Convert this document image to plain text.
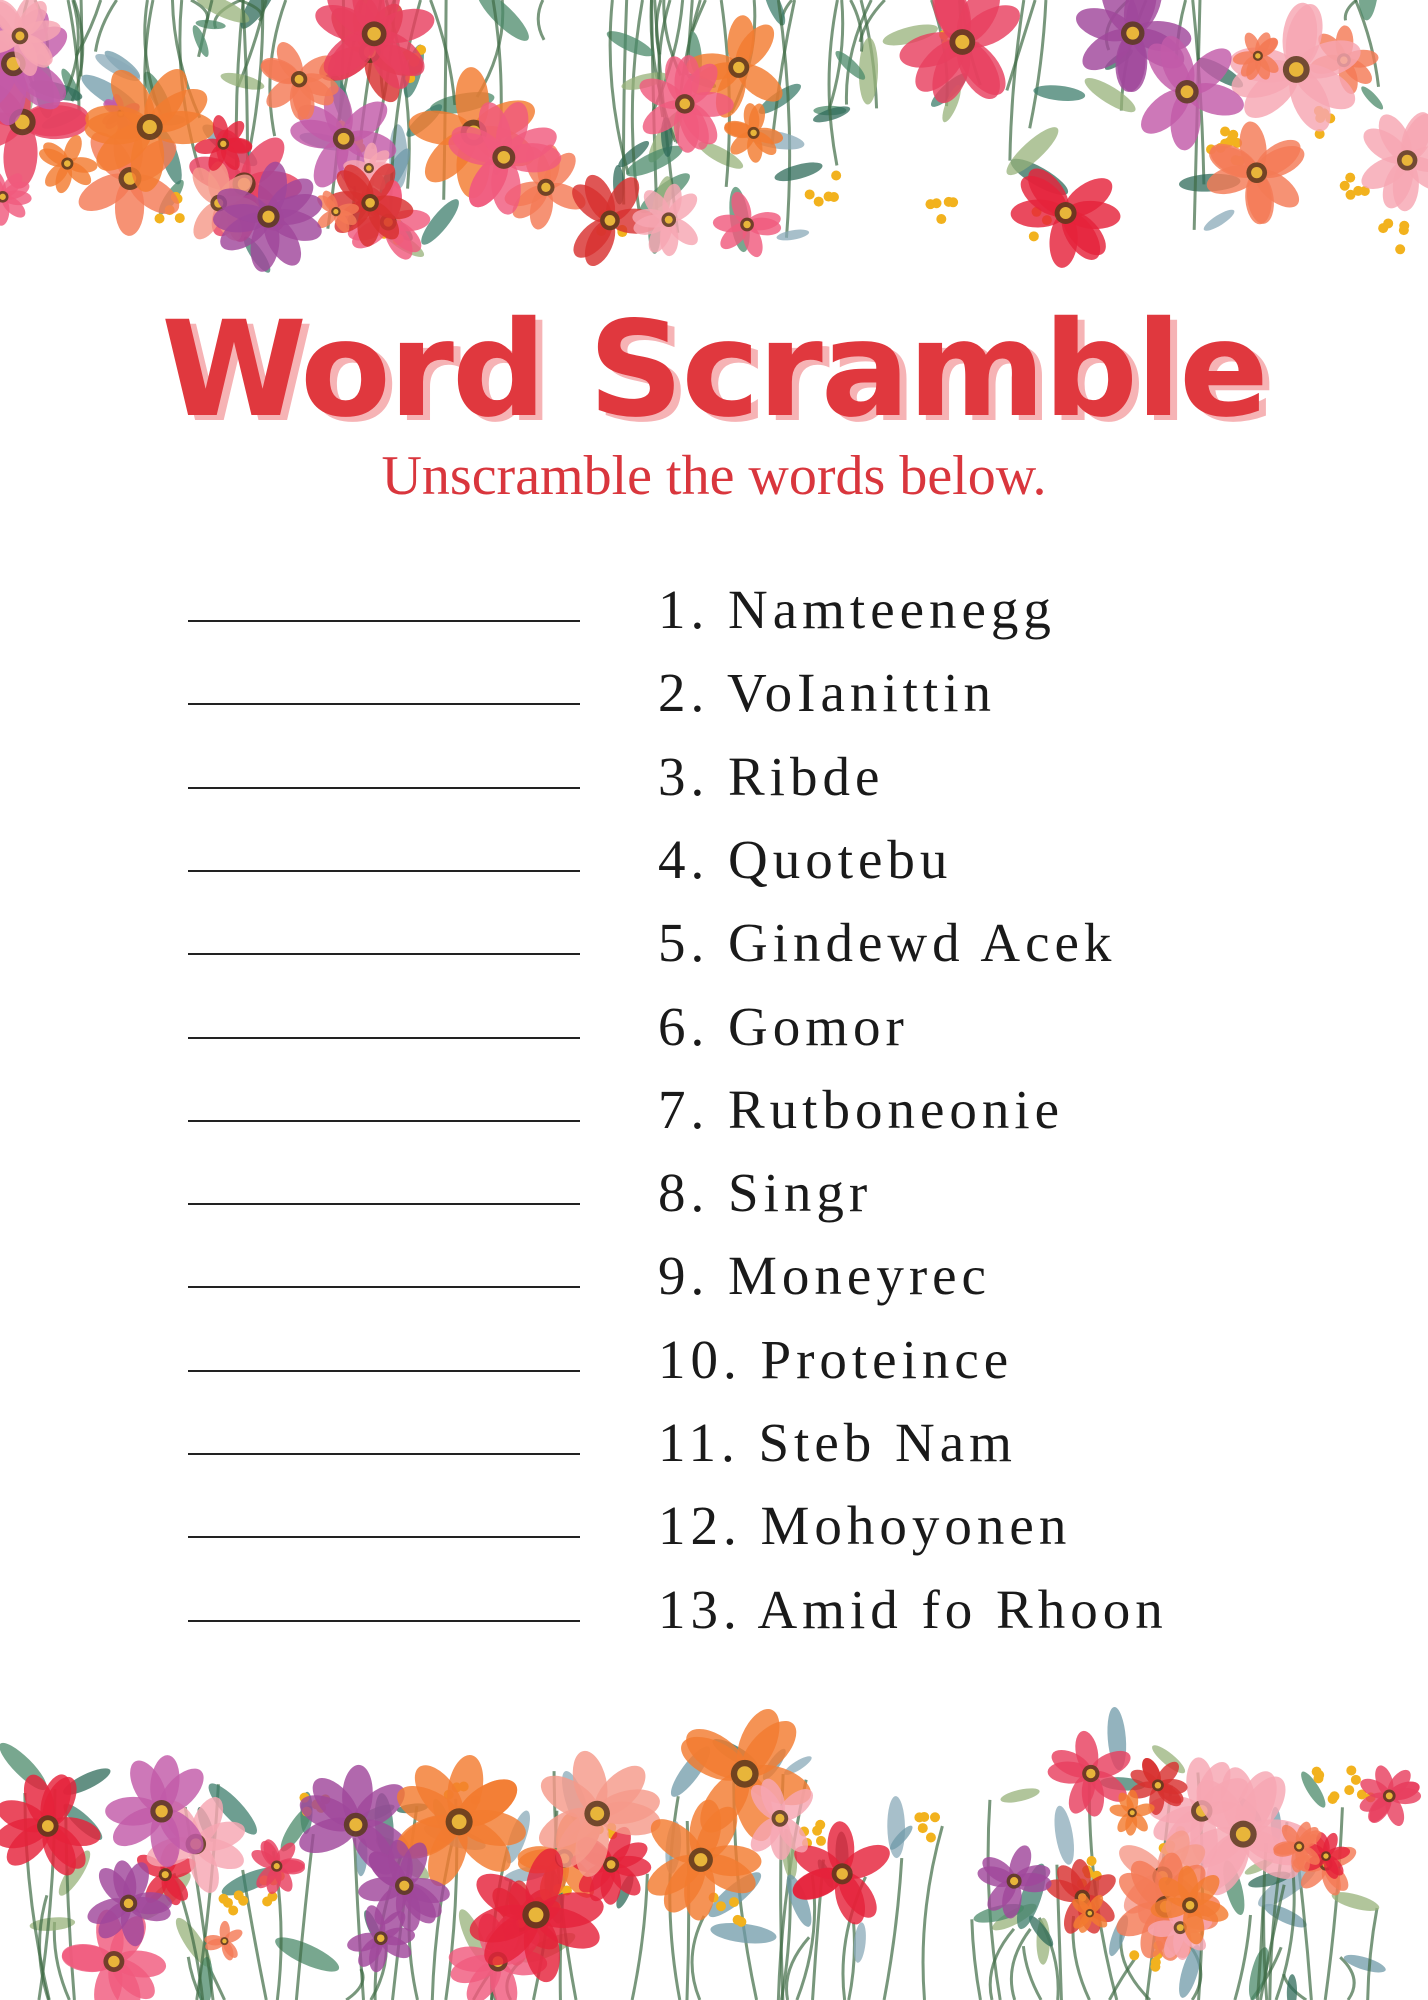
Word Scramble
Unscramble the words below.
1. Namteenegg
2. VoIanittin
3. Ribde
4. Quotebu
5. Gindewd Acek
6. Gomor
7. Rutboneonie
8. Singr
9. Moneyrec
10. Proteince
11. Steb Nam
12. Mohoyonen
13. Amid fo Rhoon
